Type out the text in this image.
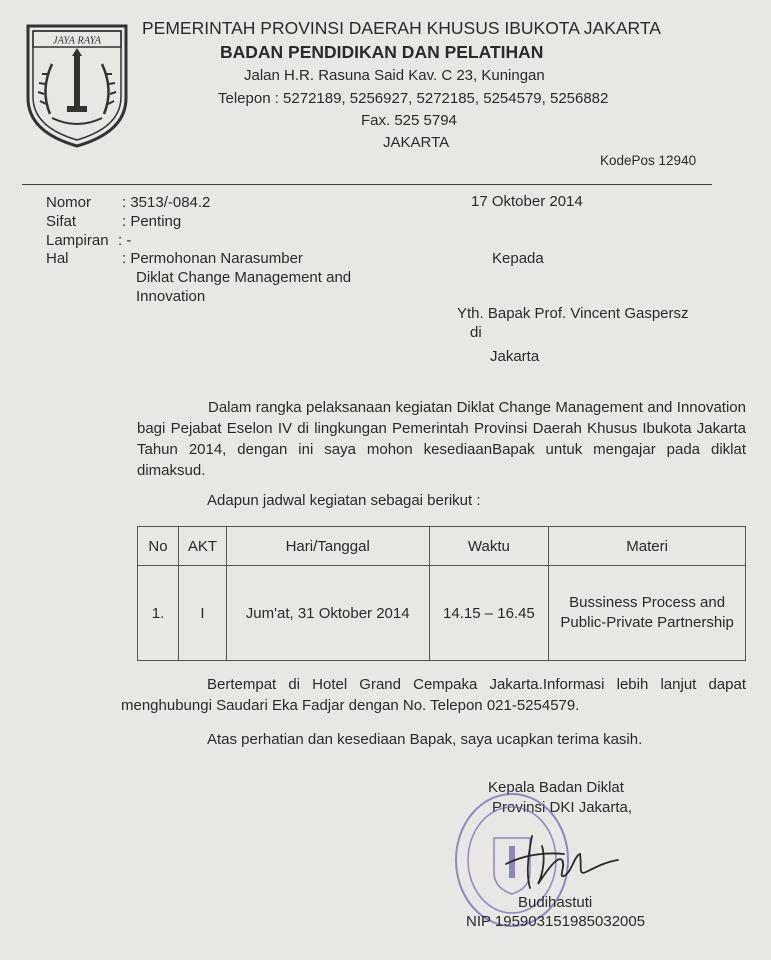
JAYA RAYA
PEMERINTAH PROVINSI DAERAH KHUSUS IBUKOTA JAKARTA
BADAN PENDIDIKAN DAN PELATIHAN
Jalan H.R. Rasuna Said Kav. C 23, Kuningan
Telepon : 5272189, 5256927, 5272185, 5254579, 5256882
Fax. 525 5794
JAKARTA
KodePos 12940
Nomor : 3513/-084.2
Sifat	: Penting
Lampiran : -
Hal	: Permohonan Narasumber
Diklat Change Management and
Innovation
17 Oktober 2014
Kepada
Yth. Bapak Prof. Vincent Gaspersz
di
Jakarta
Dalam rangka pelaksanaan kegiatan Diklat Change Management and Innovation bagi Pejabat Eselon IV di lingkungan Pemerintah Provinsi Daerah Khusus Ibukota Jakarta Tahun 2014, dengan ini saya mohon kesediaanBapak untuk mengajar pada diklat dimaksud.
Adapun jadwal kegiatan sebagai berikut :
No	AKT	Hari/Tanggal	Waktu	Materi
1.	I	Jum'at, 31 Oktober 2014	14.15 – 16.45	Bussiness Process and Public-Private Partnership
Bertempat di Hotel Grand Cempaka Jakarta.Informasi lebih lanjut dapat menghubungi Saudari Eka Fadjar dengan No. Telepon 021-5254579.
Atas perhatian dan kesediaan Bapak, saya ucapkan terima kasih.
Kepala Badan Diklat
Provinsi DKI Jakarta,
Budihastuti
NIP 195903151985032005
